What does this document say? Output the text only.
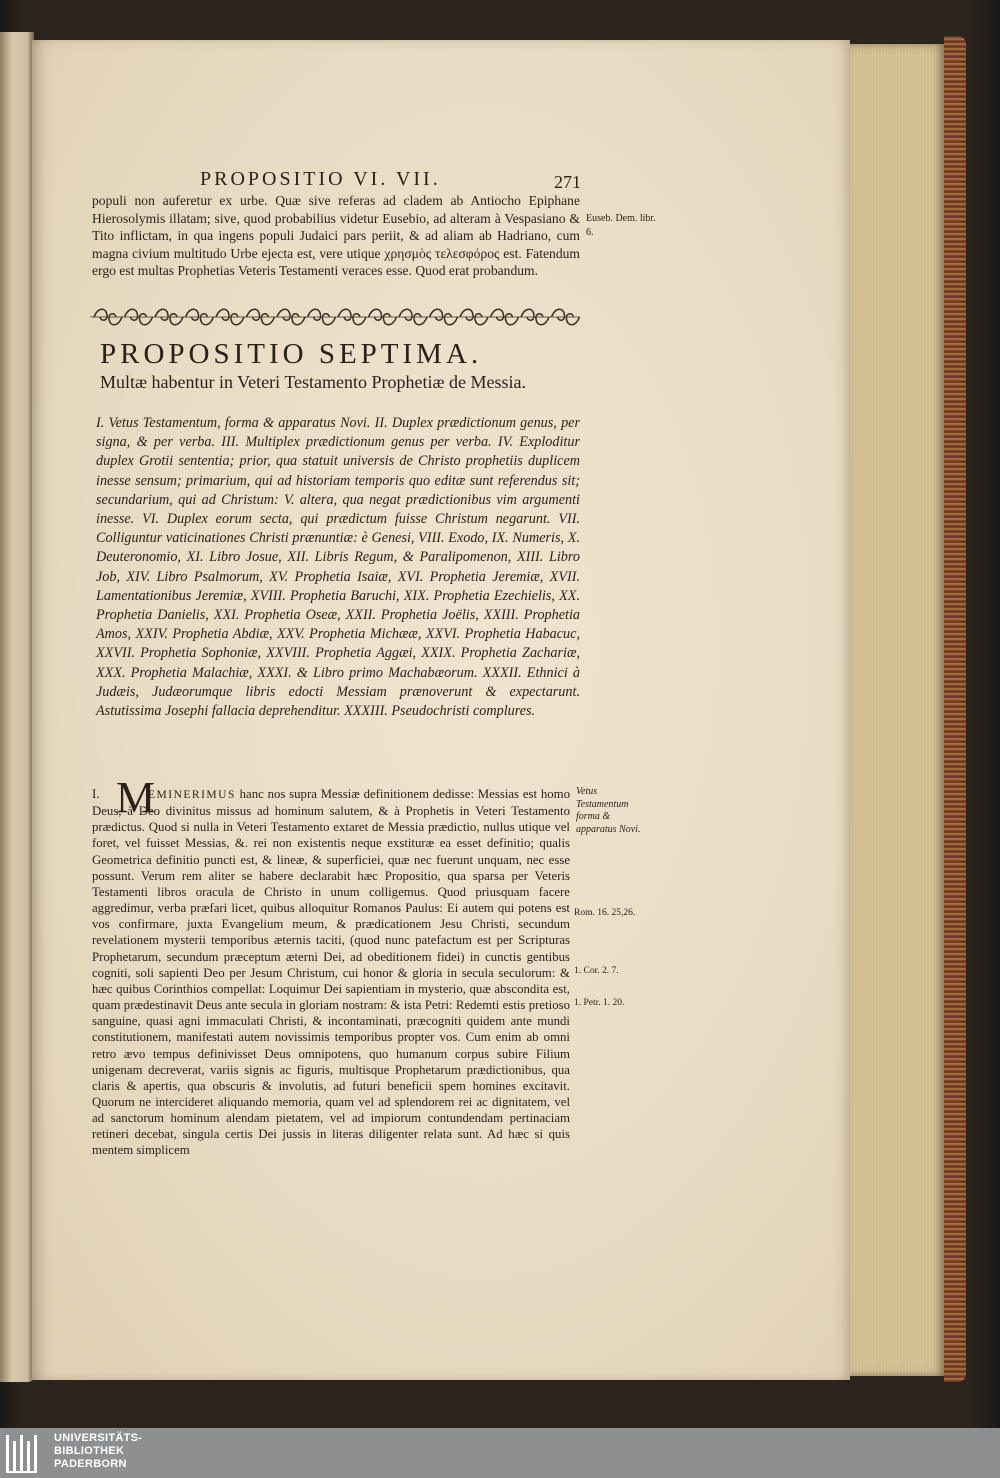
PROPOSITIO VI. VII.	271

populi non auferetur ex urbe. Quæ sive referas ad cladem ab Antiocho Epiphane Hierosolymis illatam; sive, quod probabilius videtur Eusebio, ad alteram à Vespasiano & Tito inflictam, in qua ingens populi Judaici pars periit, & ad aliam ab Hadriano, cum magna civium multitudo Urbe ejecta est, vere utique χρησμὸς τελεσφόρος est. Fatendum ergo est multas Prophetias Veteris Testamenti veraces esse. Quod erat probandum.

Euseb. Dem. libr. 6.
PROPOSITIO SEPTIMA.
Multæ habentur in Veteri Testamento Prophetiæ de Messia.
I. Vetus Testamentum, forma & apparatus Novi. II. Duplex prædictionum genus, per signa, & per verba. III. Multiplex prædictionum genus per verba. IV. Exploditur duplex Grotii sententia; prior, qua statuit universis de Christo prophetiis duplicem inesse sensum; primarium, qui ad historiam temporis quo editæ sunt referendus sit; secundarium, qui ad Christum: V. altera, qua negat prædictionibus vim argumenti inesse. VI. Duplex eorum secta, qui prædictum fuisse Christum negarunt. VII. Colliguntur vaticinationes Christi prænuntiæ: è Genesi, VIII. Exodo, IX. Numeris, X. Deuteronomio, XI. Libro Josue, XII. Libris Regum, & Paralipomenon, XIII. Libro Job, XIV. Libro Psalmorum, XV. Prophetia Isaiæ, XVI. Prophetia Jeremiæ, XVII. Lamentationibus Jeremiæ, XVIII. Prophetia Baruchi, XIX. Prophetia Ezechielis, XX. Prophetia Danielis, XXI. Prophetia Oseæ, XXII. Prophetia Joëlis, XXIII. Prophetia Amos, XXIV. Prophetia Abdiæ, XXV. Prophetia Michææ, XXVI. Prophetia Habacuc, XXVII. Prophetia Sophoniæ, XXVIII. Prophetia Aggæi, XXIX. Prophetia Zachariæ, XXX. Prophetia Malachiæ, XXXI. & Libro primo Machabæorum. XXXII. Ethnici à Judæis, Judæorumque libris edocti Messiam prænoverunt & expectarunt. Astutissima Josephi fallacia deprehenditur. XXXIII. Pseudochristi complures.
I. M
EMINERIMUS hanc nos supra Messiæ definitionem dedisse: Messias est homo Deus, à Deo divinitus missus ad hominum salutem, & à Prophetis in Veteri Testamento prædictus. Quod si nulla in Veteri Testamento extaret de Messia prædictio, nullus utique vel foret, vel fuisset Messias, &. rei non existentis neque exstituræ ea esset definitio; qualis Geometrica definitio puncti est, & lineæ, & superficiei, quæ nec fuerunt unquam, nec esse possunt. Verum rem aliter se habere declarabit hæc Propositio, qua sparsa per Veteris Testamenti libros oracula de Christo in unum colligemus. Quod priusquam facere aggredimur, verba præfari licet, quibus alloquitur Romanos Paulus: Ei autem qui potens est vos confirmare, juxta Evangelium meum, & prædicationem Jesu Christi, secundum revelationem mysterii temporibus æternis taciti, (quod nunc patefactum est per Scripturas Prophetarum, secundum præceptum æterni Dei, ad obeditionem fidei) in cunctis gentibus cogniti, soli sapienti Deo per Jesum Christum, cui honor & gloria in secula seculorum: & hæc quibus Corinthios compellat: Loquimur Dei sapientiam in mysterio, quæ abscondita est, quam prædestinavit Deus ante secula in gloriam nostram: & ista Petri: Redemti estis pretioso sanguine, quasi agni immaculati Christi, & incontaminati, præcogniti quidem ante mundi constitutionem, manifestati autem novissimis temporibus propter vos. Cum enim ab omni retro ævo tempus definivisset Deus omnipotens, quo humanum corpus subire Filium unigenam decreverat, variis signis ac figuris, multisque Prophetarum prædictionibus, qua claris & apertis, qua obscuris & involutis, ad futuri beneficii spem homines excitavit. Quorum ne intercideret aliquando memoria, quam vel ad splendorem rei ac dignitatem, vel ad sanctorum hominum alendam pietatem, vel ad impiorum contundendam pertinaciam retineri decebat, singula certis Dei jussis in literas diligenter relata sunt. Ad hæc si quis mentem simplicem
Vetus Testamentum forma & apparatus Novi.
Rom. 16. 25,26.
1. Cor. 2. 7.
1. Petr. 1. 20.
UNIVERSITÄTS-
BIBLIOTHEK
PADERBORN
